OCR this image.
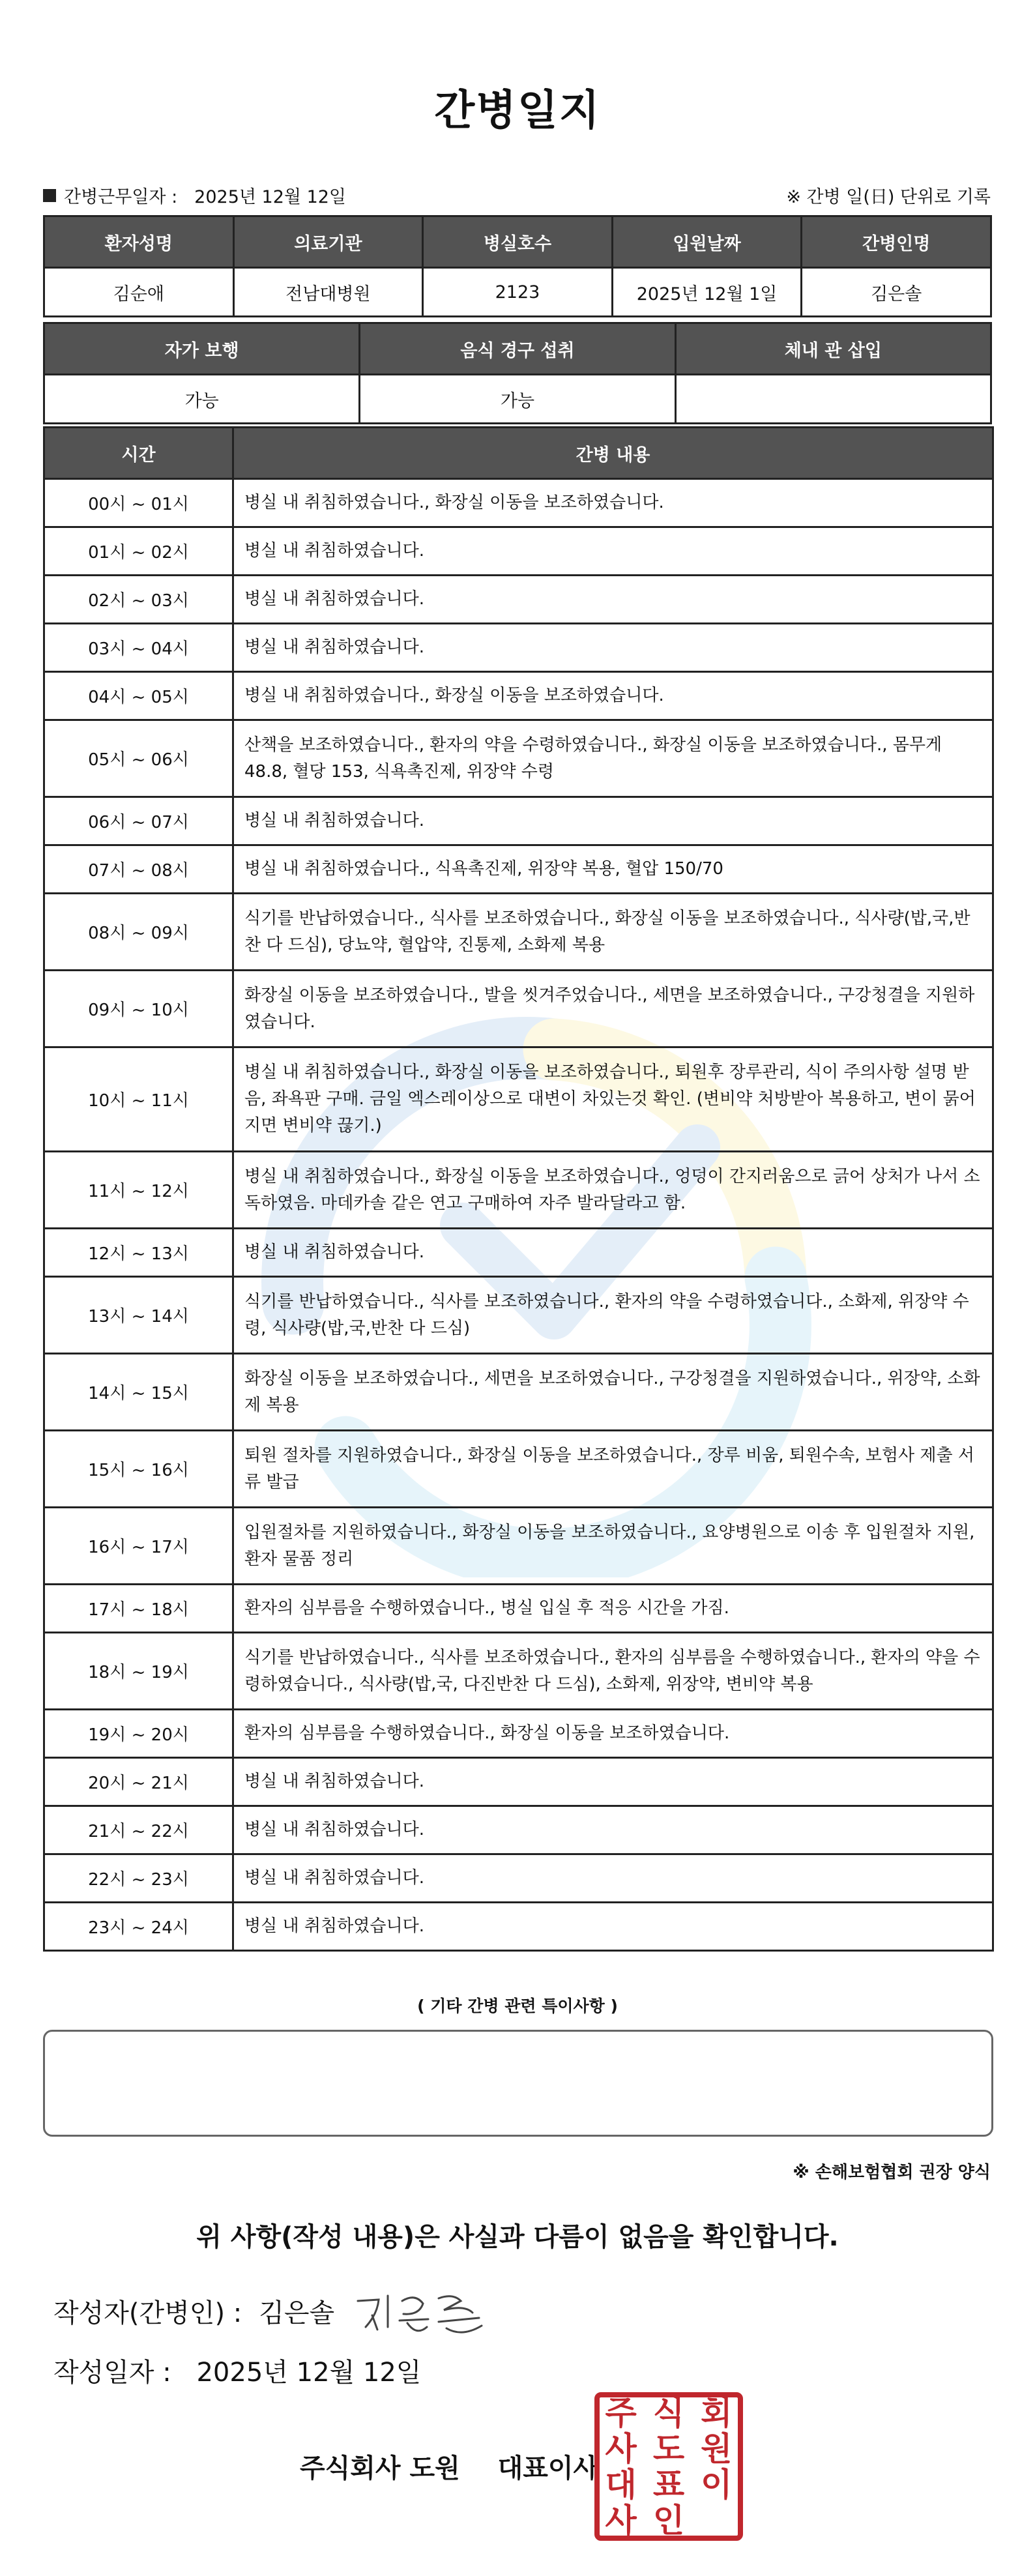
간병일지
간병근무일자 : 2025년 12월 12일	※ 간병 일(日) 단위로 기록
환자성명	의료기관	병실호수	입원날짜	간병인명
김순애	전남대병원	2123	2025년 12월 1일	김은솔
자가 보행	음식 경구 섭취	체내 관 삽입
가능	가능	
시간	간병 내용
00시 ~ 01시	병실 내 취침하였습니다., 화장실 이동을 보조하였습니다.
01시 ~ 02시	병실 내 취침하였습니다.
02시 ~ 03시	병실 내 취침하였습니다.
03시 ~ 04시	병실 내 취침하였습니다.
04시 ~ 05시	병실 내 취침하였습니다., 화장실 이동을 보조하였습니다.
05시 ~ 06시	산책을 보조하였습니다., 환자의 약을 수령하였습니다., 화장실 이동을 보조하였습니다., 몸무게 48.8, 혈당 153, 식욕촉진제, 위장약 수령
06시 ~ 07시	병실 내 취침하였습니다.
07시 ~ 08시	병실 내 취침하였습니다., 식욕촉진제, 위장약 복용, 혈압 150/70
08시 ~ 09시	식기를 반납하였습니다., 식사를 보조하였습니다., 화장실 이동을 보조하였습니다., 식사량(밥,국,반찬 다 드심), 당뇨약, 혈압약, 진통제, 소화제 복용
09시 ~ 10시	화장실 이동을 보조하였습니다., 발을 씻겨주었습니다., 세면을 보조하였습니다., 구강청결을 지원하였습니다.
10시 ~ 11시	병실 내 취침하였습니다., 화장실 이동을 보조하였습니다., 퇴원후 장루관리, 식이 주의사항 설명 받음, 좌욕판 구매. 금일 엑스레이상으로 대변이 차있는것 확인. (변비약 처방받아 복용하고, 변이 묽어지면 변비약 끊기.)
11시 ~ 12시	병실 내 취침하였습니다., 화장실 이동을 보조하였습니다., 엉덩이 간지러움으로 긁어 상처가 나서 소독하였음. 마데카솔 같은 연고 구매하여 자주 발라달라고 함.
12시 ~ 13시	병실 내 취침하였습니다.
13시 ~ 14시	식기를 반납하였습니다., 식사를 보조하였습니다., 환자의 약을 수령하였습니다., 소화제, 위장약 수령, 식사량(밥,국,반찬 다 드심)
14시 ~ 15시	화장실 이동을 보조하였습니다., 세면을 보조하였습니다., 구강청결을 지원하였습니다., 위장약, 소화제 복용
15시 ~ 16시	퇴원 절차를 지원하였습니다., 화장실 이동을 보조하였습니다., 장루 비움, 퇴원수속, 보험사 제출 서류 발급
16시 ~ 17시	입원절차를 지원하였습니다., 화장실 이동을 보조하였습니다., 요양병원으로 이송 후 입원절차 지원, 환자 물품 정리
17시 ~ 18시	환자의 심부름을 수행하였습니다., 병실 입실 후 적응 시간을 가짐.
18시 ~ 19시	식기를 반납하였습니다., 식사를 보조하였습니다., 환자의 심부름을 수행하였습니다., 환자의 약을 수령하였습니다., 식사량(밥,국, 다진반찬 다 드심), 소화제, 위장약, 변비약 복용
19시 ~ 20시	환자의 심부름을 수행하였습니다., 화장실 이동을 보조하였습니다.
20시 ~ 21시	병실 내 취침하였습니다.
21시 ~ 22시	병실 내 취침하였습니다.
22시 ~ 23시	병실 내 취침하였습니다.
23시 ~ 24시	병실 내 취침하였습니다.
( 기타 간병 관련 특이사항 )
※ 손해보험협회 권장 양식
위 사항(작성 내용)은 사실과 다름이 없음을 확인합니다.
작성자(간병인) : 김은솔
작성일자 : 2025년 12월 12일
주식회사 도원 대표이사
주 식 회
사 도 원
대 표 이
사 인
